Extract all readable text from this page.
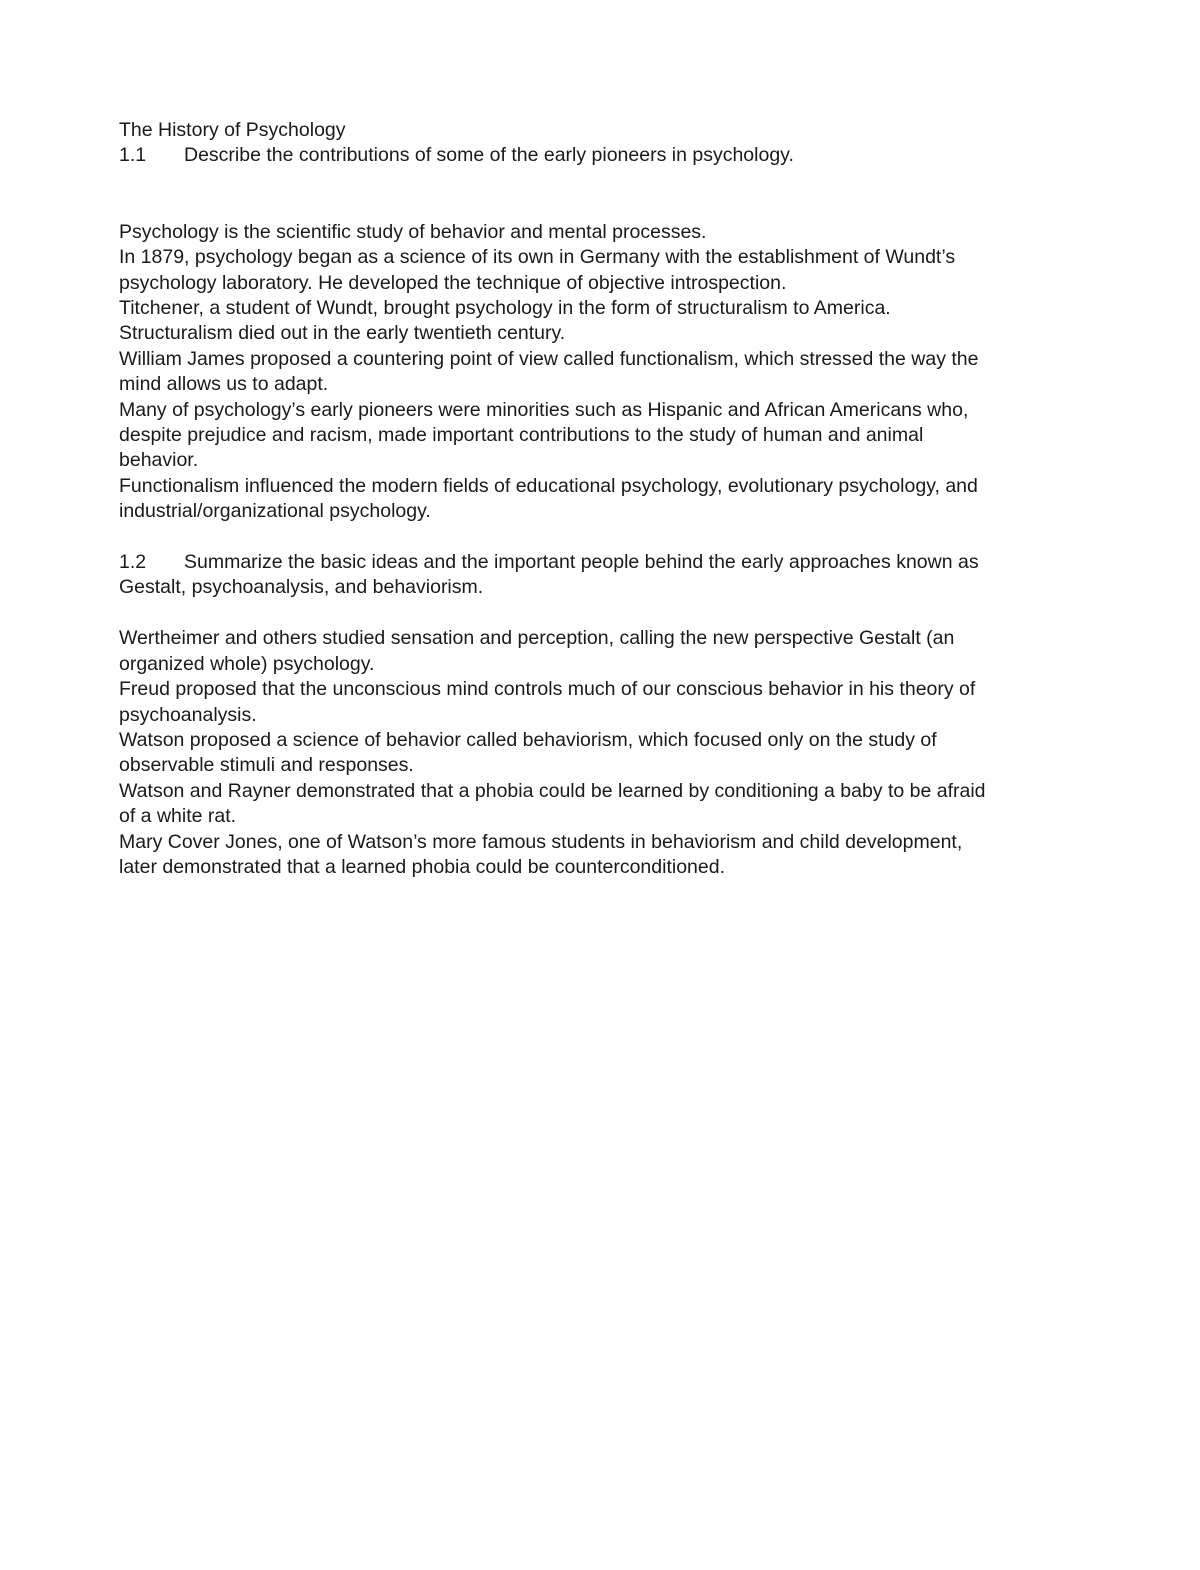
The History of Psychology
1.1	Describe the contributions of some of the early pioneers in psychology.
Psychology is the scientific study of behavior and mental processes.
In 1879, psychology began as a science of its own in Germany with the establishment of Wundt’s
psychology laboratory. He developed the technique of objective introspection.
Titchener, a student of Wundt, brought psychology in the form of structuralism to America.
Structuralism died out in the early twentieth century.
William James proposed a countering point of view called functionalism, which stressed the way the
mind allows us to adapt.
Many of psychology’s early pioneers were minorities such as Hispanic and African Americans who,
despite prejudice and racism, made important contributions to the study of human and animal
behavior.
Functionalism influenced the modern fields of educational psychology, evolutionary psychology, and
industrial/organizational psychology.
1.2 Summarize the basic ideas and the important people behind the early approaches known as
Gestalt, psychoanalysis, and behaviorism.
Wertheimer and others studied sensation and perception, calling the new perspective Gestalt (an
organized whole) psychology.
Freud proposed that the unconscious mind controls much of our conscious behavior in his theory of
psychoanalysis.
Watson proposed a science of behavior called behaviorism, which focused only on the study of
observable stimuli and responses.
Watson and Rayner demonstrated that a phobia could be learned by conditioning a baby to be afraid
of a white rat.
Mary Cover Jones, one of Watson’s more famous students in behaviorism and child development,
later demonstrated that a learned phobia could be counterconditioned.
